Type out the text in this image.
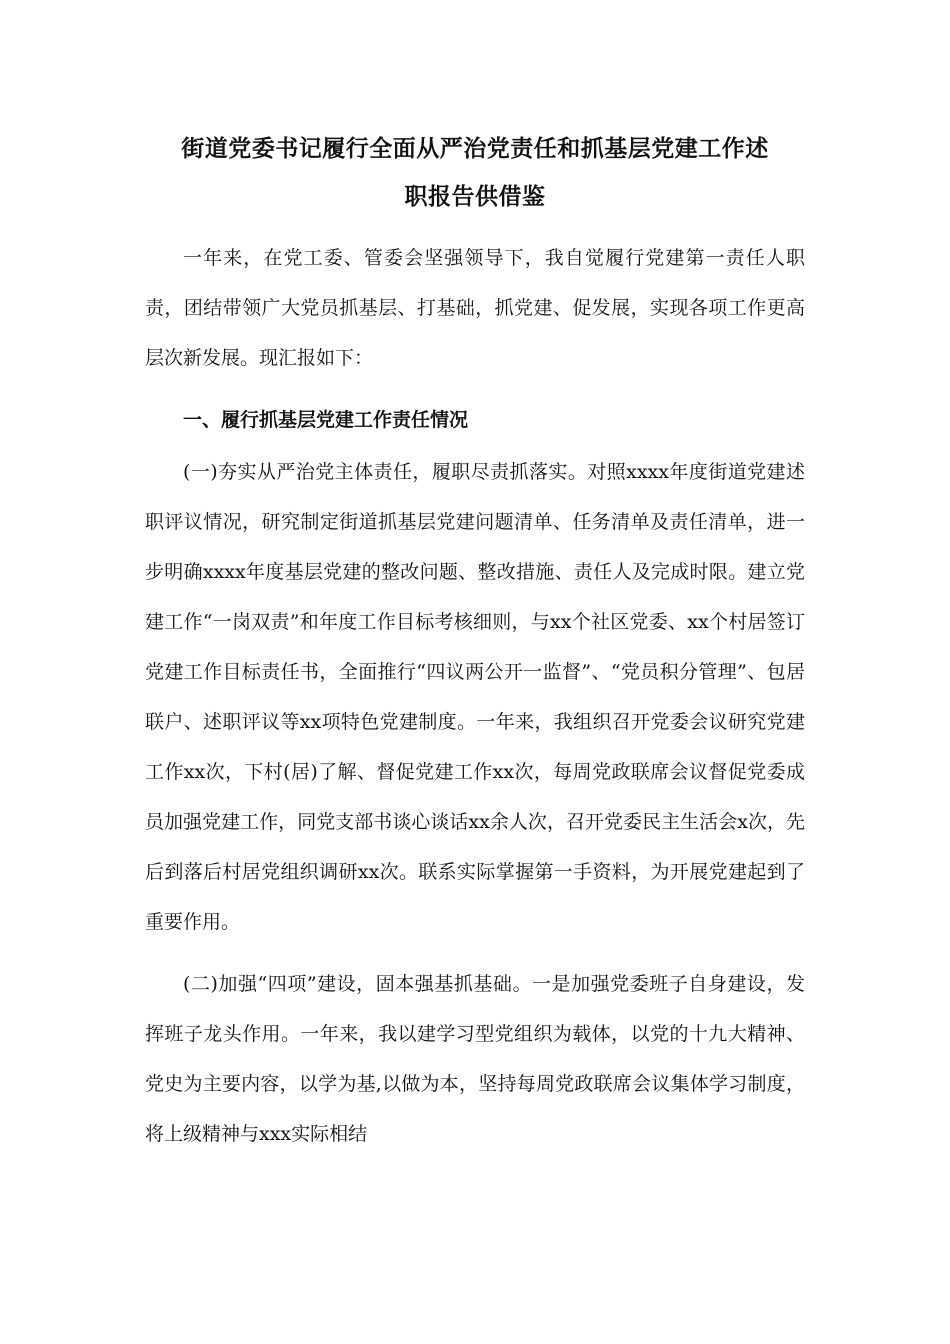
街道党委书记履行全面从严治党责任和抓基层党建工作述
职报告供借鉴

一年来，在党工委、管委会坚强领导下，我自觉履行党建第一责任人职责，团结带领广大党员抓基层、打基础，抓党建、促发展，实现各项工作更高层次新发展。现汇报如下：

一、履行抓基层党建工作责任情况

(一)夯实从严治党主体责任，履职尽责抓落实。对照xxxx年度街道党建述职评议情况，研究制定街道抓基层党建问题清单、任务清单及责任清单，进一步明确xxxx年度基层党建的整改问题、整改措施、责任人及完成时限。建立党建工作“一岗双责”和年度工作目标考核细则，与xx个社区党委、xx个村居签订党建工作目标责任书，全面推行“四议两公开一监督”、“党员积分管理”、包居联户、述职评议等xx项特色党建制度。一年来，我组织召开党委会议研究党建工作xx次，下村(居)了解、督促党建工作xx次，每周党政联席会议督促党委成员加强党建工作，同党支部书谈心谈话xx余人次，召开党委民主生活会x次，先后到落后村居党组织调研xx次。联系实际掌握第一手资料，为开展党建起到了重要作用。

(二)加强“四项”建设，固本强基抓基础。一是加强党委班子自身建设，发挥班子龙头作用。一年来，我以建学习型党组织为载体，以党的十九大精神、党史为主要内容，以学为基,以做为本，坚持每周党政联席会议集体学习制度，将上级精神与xxx实际相结
